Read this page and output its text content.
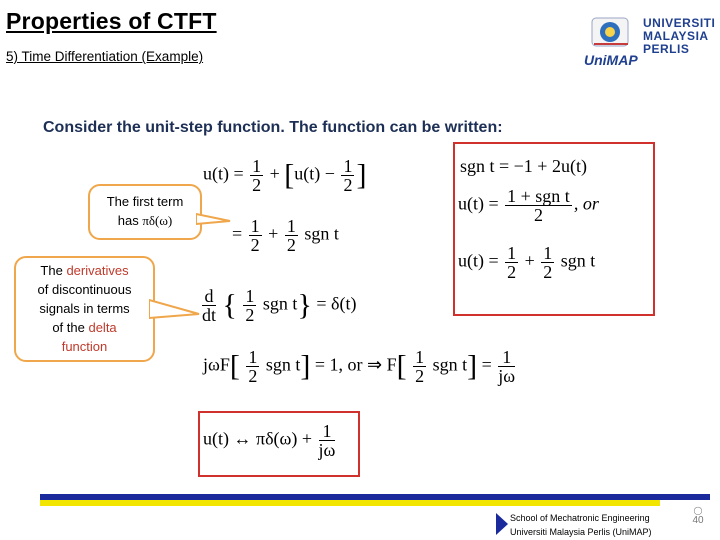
Properties of CTFT
5) Time Differentiation (Example)	UniMAP
UNIVERSITI
MALAYSIA
PERLIS
Consider the unit-step function. The function can be written:
$u(t) = \frac{1}{2} + [u(t) - \frac{1}{2}$ ]
= $\frac{1}{2} + \frac{1}{2}$ sgn t
sgn t = −1 + 2u(t)
$u(t) = \frac{\text{1 + sgn t}}{2}$ , or
$u(t) = \frac{1}{2} + \frac{1}{2}$ sgn t
$\frac{d}{dt}$ { $\frac{1}{2}$ sgn t} = δ(t)
$j\omega F[ \frac{1}{2}$ sgn t] = 1, or ⇒ $F[ \frac{1}{2}$ sgn $t] = \frac{1}{j\omega}$
u(t) ↔ $\pi\delta(\omega) + \frac{1}{j\omega}$
The first term
has πδ(ω)
The derivatives
of discontinuous
signals in terms
of the delta
function
School of Mechatronic Engineering
Universiti Malaysia Perlis (UniMAP)
◯
40
